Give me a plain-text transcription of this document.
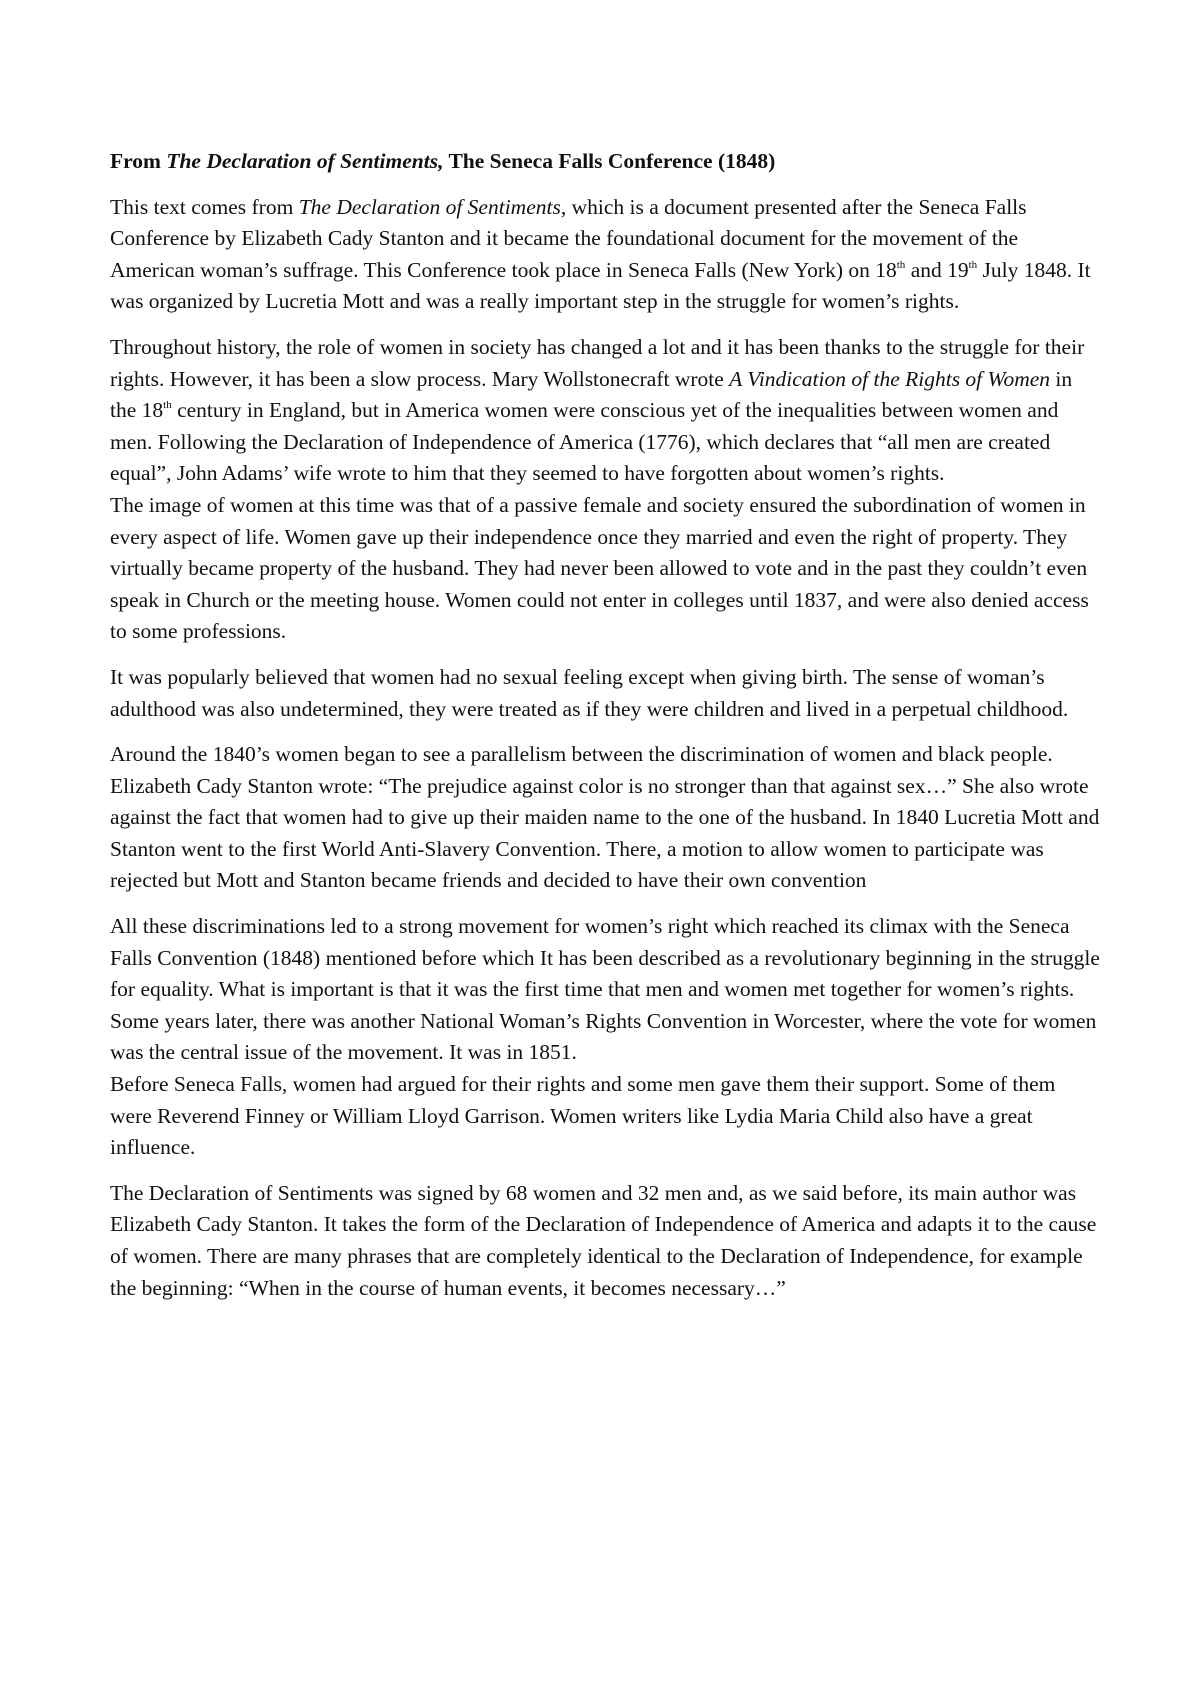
From The Declaration of Sentiments, The Seneca Falls Conference (1848)

This text comes from The Declaration of Sentiments, which is a document presented after the Seneca Falls Conference by Elizabeth Cady Stanton and it became the foundational document for the movement of the American woman’s suffrage. This Conference took place in Seneca Falls (New York) on 18th and 19th July 1848. It was organized by Lucretia Mott and was a really important step in the struggle for women’s rights.

Throughout history, the role of women in society has changed a lot and it has been thanks to the struggle for their rights. However, it has been a slow process. Mary Wollstonecraft wrote A Vindication of the Rights of Women in the 18th century in England, but in America women were conscious yet of the inequalities between women and men. Following the Declaration of Independence of America (1776), which declares that “all men are created equal”, John Adams’ wife wrote to him that they seemed to have forgotten about women’s rights.

The image of women at this time was that of a passive female and society ensured the subordination of women in every aspect of life. Women gave up their independence once they married and even the right of property. They virtually became property of the husband. They had never been allowed to vote and in the past they couldn’t even speak in Church or the meeting house. Women could not enter in colleges until 1837, and were also denied access to some professions.

It was popularly believed that women had no sexual feeling except when giving birth. The sense of woman’s adulthood was also undetermined, they were treated as if they were children and lived in a perpetual childhood.

Around the 1840’s women began to see a parallelism between the discrimination of women and black people. Elizabeth Cady Stanton wrote: “The prejudice against color is no stronger than that against sex…” She also wrote against the fact that women had to give up their maiden name to the one of the husband. In 1840 Lucretia Mott and Stanton went to the first World Anti-Slavery Convention. There, a motion to allow women to participate was rejected but Mott and Stanton became friends and decided to have their own convention

All these discriminations led to a strong movement for women’s right which reached its climax with the Seneca Falls Convention (1848) mentioned before which It has been described as a revolutionary beginning in the struggle for equality. What is important is that it was the first time that men and women met together for women’s rights. Some years later, there was another National Woman’s Rights Convention in Worcester, where the vote for women was the central issue of the movement. It was in 1851.

Before Seneca Falls, women had argued for their rights and some men gave them their support. Some of them were Reverend Finney or William Lloyd Garrison. Women writers like Lydia Maria Child also have a great influence.

The Declaration of Sentiments was signed by 68 women and 32 men and, as we said before, its main author was Elizabeth Cady Stanton. It takes the form of the Declaration of Independence of America and adapts it to the cause of women. There are many phrases that are completely identical to the Declaration of Independence, for example the beginning: “When in the course of human events, it becomes necessary…”
